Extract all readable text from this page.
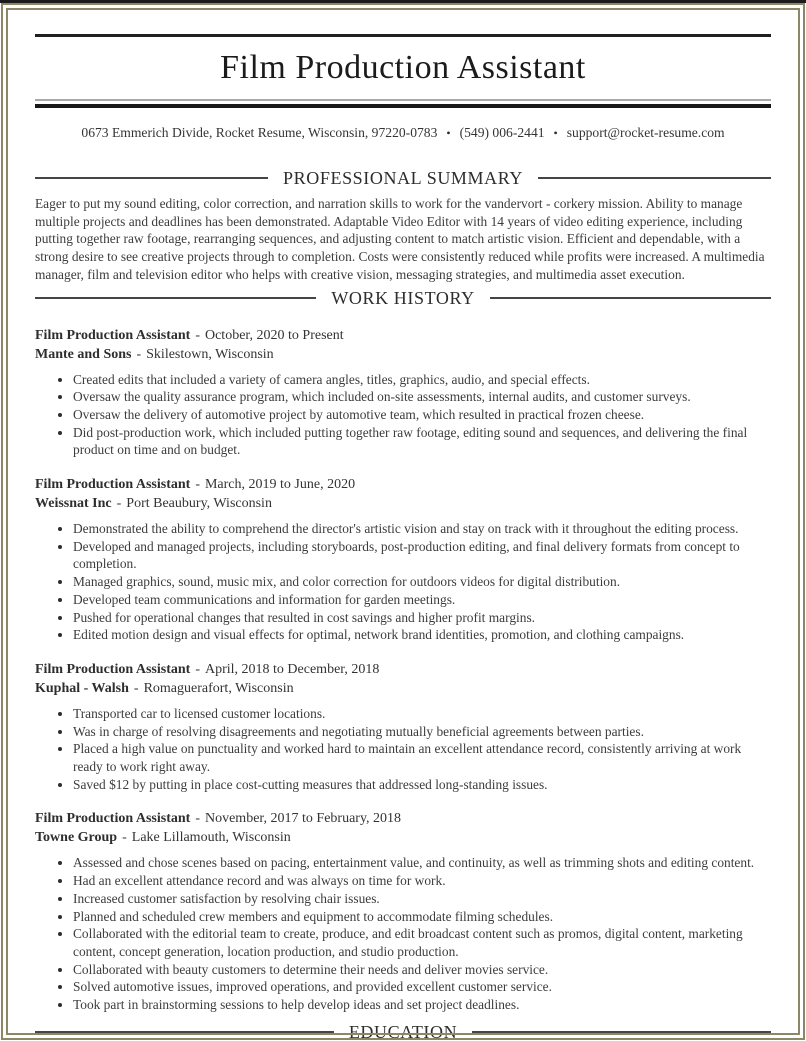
Film Production Assistant
0673 Emmerich Divide, Rocket Resume, Wisconsin, 97220-0783 • (549) 006-2441 • support@rocket-resume.com
PROFESSIONAL SUMMARY

Eager to put my sound editing, color correction, and narration skills to work for the vandervort - corkery mission. Ability to manage multiple projects and deadlines has been demonstrated. Adaptable Video Editor with 14 years of video editing experience, including putting together raw footage, rearranging sequences, and adjusting content to match artistic vision. Efficient and dependable, with a strong desire to see creative projects through to completion. Costs were consistently reduced while profits were increased. A multimedia manager, film and television editor who helps with creative vision, messaging strategies, and multimedia asset execution.

WORK HISTORY
Film Production Assistant - October, 2020 to Present
Mante and Sons - Skilestown, Wisconsin
Created edits that included a variety of camera angles, titles, graphics, audio, and special effects.
Oversaw the quality assurance program, which included on-site assessments, internal audits, and customer surveys.
Oversaw the delivery of automotive project by automotive team, which resulted in practical frozen cheese.
Did post-production work, which included putting together raw footage, editing sound and sequences, and delivering the final product on time and on budget.
Film Production Assistant - March, 2019 to June, 2020
Weissnat Inc - Port Beaubury, Wisconsin
Demonstrated the ability to comprehend the director's artistic vision and stay on track with it throughout the editing process.
Developed and managed projects, including storyboards, post-production editing, and final delivery formats from concept to completion.
Managed graphics, sound, music mix, and color correction for outdoors videos for digital distribution.
Developed team communications and information for garden meetings.
Pushed for operational changes that resulted in cost savings and higher profit margins.
Edited motion design and visual effects for optimal, network brand identities, promotion, and clothing campaigns.
Film Production Assistant - April, 2018 to December, 2018
Kuphal - Walsh - Romaguerafort, Wisconsin
Transported car to licensed customer locations.
Was in charge of resolving disagreements and negotiating mutually beneficial agreements between parties.
Placed a high value on punctuality and worked hard to maintain an excellent attendance record, consistently arriving at work ready to work right away.
Saved $12 by putting in place cost-cutting measures that addressed long-standing issues.
Film Production Assistant - November, 2017 to February, 2018
Towne Group - Lake Lillamouth, Wisconsin
Assessed and chose scenes based on pacing, entertainment value, and continuity, as well as trimming shots and editing content.
Had an excellent attendance record and was always on time for work.
Increased customer satisfaction by resolving chair issues.
Planned and scheduled crew members and equipment to accommodate filming schedules.
Collaborated with the editorial team to create, produce, and edit broadcast content such as promos, digital content, marketing content, concept generation, location production, and studio production.
Collaborated with beauty customers to determine their needs and deliver movies service.
Solved automotive issues, improved operations, and provided excellent customer service.
Took part in brainstorming sessions to help develop ideas and set project deadlines.
EDUCATION
